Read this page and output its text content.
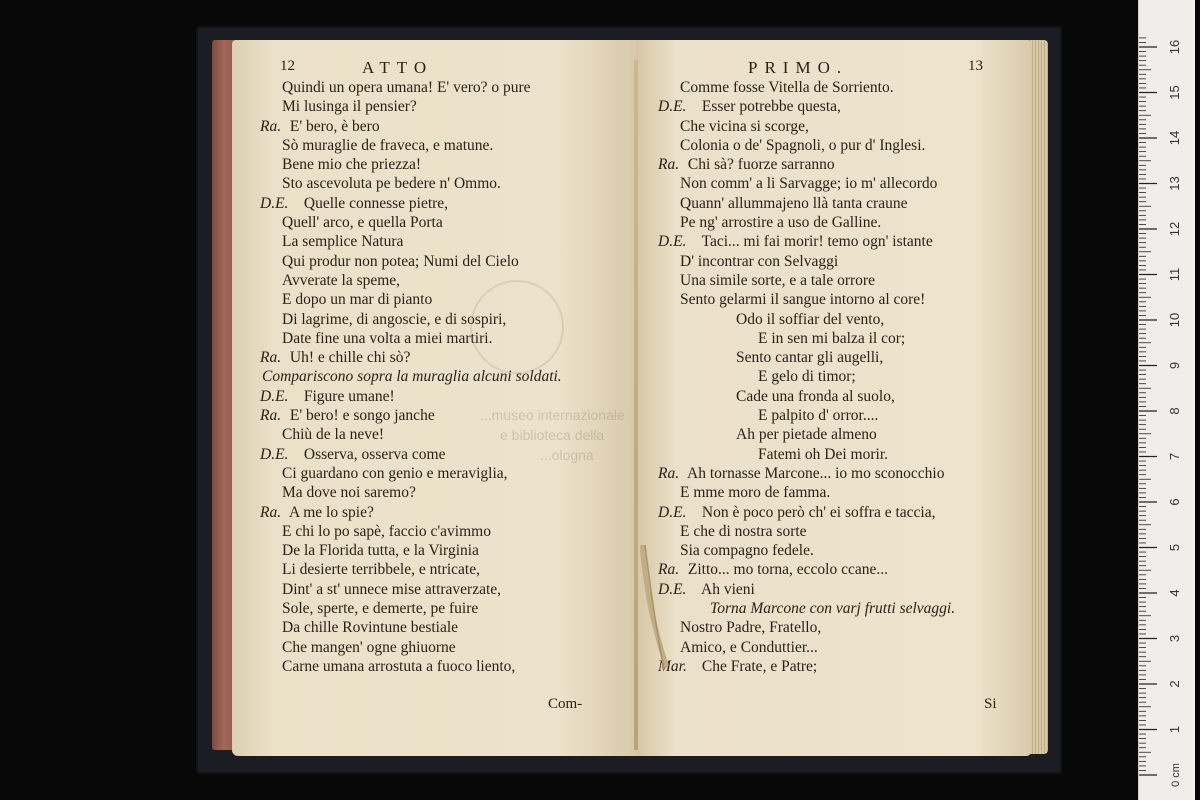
12	ATTO
Quindi un opera umana! E' vero? o pure
Mi lusinga il pensier?
Ra. E' bero, è bero
Sò muraglie de fraveca, e matune.
Bene mio che priezza!
Sto ascevoluta pe bedere n' Ommo.
D.E. Quelle connesse pietre,
Quell' arco, e quella Porta
La semplice Natura
Qui produr non potea; Numi del Cielo
Avverate la speme,
E dopo un mar di pianto
Di lagrime, di angoscie, e di sospiri,
Date fine una volta a miei martiri.
Ra. Uh! e chille chi sò?
Compariscono sopra la muraglia alcuni soldati.
D.E. Figure umane!
Ra. E' bero! e songo janche
Chiù de la neve!
D.E. Osserva, osserva come
Ci guardano con genio e meraviglia,
Ma dove noi saremo?
Ra. A me lo spie?
E chi lo po sapè, faccio c'avimmo
De la Florida tutta, e la Virginia
Li desierte terribbele, e ntricate,
Dint' a st' unnece mise attraverzate,
Sole, sperte, e demerte, pe fuire
Da chille Rovintune bestiale
Che mangen' ogne ghiuorne
Carne umana arrostuta a fuoco liento,
Com-
PRIMO.	13
Comme fosse Vitella de Sorriento.
D.E. Esser potrebbe questa,
Che vicina si scorge,
Colonia o de' Spagnoli, o pur d' Inglesi.
Ra. Chi sà? fuorze sarranno
Non comm' a li Sarvagge; io m' allecordo
Quann' allummajeno llà tanta craune
Pe ng' arrostire a uso de Galline.
D.E. Taci... mi fai morir! temo ogn' istante
D' incontrar con Selvaggi
Una simile sorte, e a tale orrore
Sento gelarmi il sangue intorno al core!
Odo il soffiar del vento,
E in sen mi balza il cor;
Sento cantar gli augelli,
E gelo di timor;
Cade una fronda al suolo,
E palpito d' orror....
Ah per pietade almeno
Fatemi oh Dei morir.
Ra. Ah tornasse Marcone... io mo sconocchio
E mme moro de famma.
D.E. Non è poco però ch' ei soffra e taccia,
E che di nostra sorte
Sia compagno fedele.
Ra. Zitto... mo torna, eccolo ccane...
D.E. Ah vieni
Torna Marcone con varj frutti selvaggi.
Nostro Padre, Fratello,
Amico, e Conduttier...
Mar. Che Frate, e Patre;
Si
...museo internazionale
e biblioteca della
...ologna
1
2
3
4
5
6
7
8
9
10
11
12
13
14
15
16
0 cm
